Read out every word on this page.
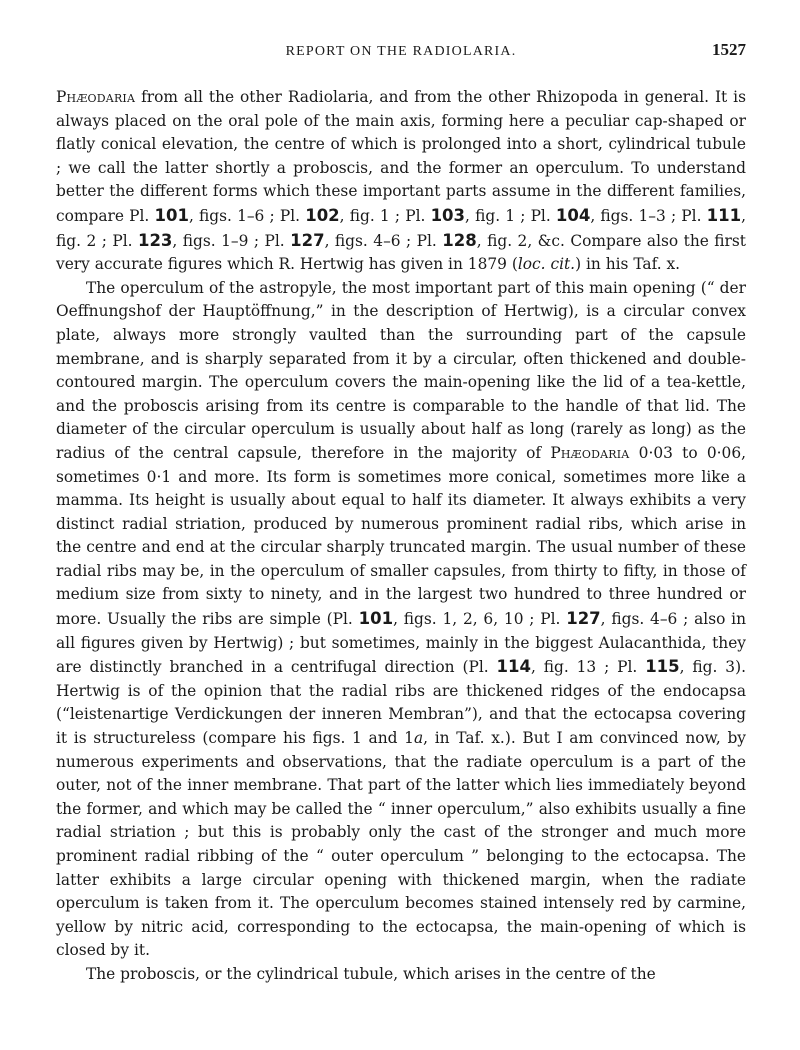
REPORT ON THE RADIOLARIA.	1527

Phæodaria from all the other Radiolaria, and from the other Rhizopoda in general. It is always placed on the oral pole of the main axis, forming here a peculiar cap-shaped or flatly conical elevation, the centre of which is prolonged into a short, cylindrical tubule ; we call the latter shortly a proboscis, and the former an operculum. To understand better the different forms which these important parts assume in the different families, compare Pl. 101, figs. 1–6 ; Pl. 102, fig. 1 ; Pl. 103, fig. 1 ; Pl. 104, figs. 1–3 ; Pl. 111, fig. 2 ; Pl. 123, figs. 1–9 ; Pl. 127, figs. 4–6 ; Pl. 128, fig. 2, &c. Compare also the first very accurate figures which R. Hertwig has given in 1879 (loc. cit.) in his Taf. x.

The operculum of the astropyle, the most important part of this main opening (“ der Oeffnungshof der Hauptöffnung,” in the description of Hertwig), is a circular convex plate, always more strongly vaulted than the surrounding part of the capsule membrane, and is sharply separated from it by a circular, often thickened and double-contoured margin. The operculum covers the main-opening like the lid of a tea-kettle, and the proboscis arising from its centre is comparable to the handle of that lid. The diameter of the circular operculum is usually about half as long (rarely as long) as the radius of the central capsule, therefore in the majority of Phæodaria 0·03 to 0·06, sometimes 0·1 and more. Its form is sometimes more conical, sometimes more like a mamma. Its height is usually about equal to half its diameter. It always exhibits a very distinct radial striation, produced by numerous prominent radial ribs, which arise in the centre and end at the circular sharply truncated margin. The usual number of these radial ribs may be, in the operculum of smaller capsules, from thirty to fifty, in those of medium size from sixty to ninety, and in the largest two hundred to three hundred or more. Usually the ribs are simple (Pl. 101, figs. 1, 2, 6, 10 ; Pl. 127, figs. 4–6 ; also in all figures given by Hertwig) ; but sometimes, mainly in the biggest Aulacanthida, they are distinctly branched in a centrifugal direction (Pl. 114, fig. 13 ; Pl. 115, fig. 3). Hertwig is of the opinion that the radial ribs are thickened ridges of the endocapsa (“leistenartige Verdickungen der inneren Membran”), and that the ectocapsa covering it is structureless (compare his figs. 1 and 1a, in Taf. x.). But I am convinced now, by numerous experiments and observations, that the radiate operculum is a part of the outer, not of the inner membrane. That part of the latter which lies immediately beyond the former, and which may be called the “ inner operculum,” also exhibits usually a fine radial striation ; but this is probably only the cast of the stronger and much more prominent radial ribbing of the “ outer operculum ” belonging to the ectocapsa. The latter exhibits a large circular opening with thickened margin, when the radiate operculum is taken from it. The operculum becomes stained intensely red by carmine, yellow by nitric acid, corresponding to the ectocapsa, the main-opening of which is closed by it.

The proboscis, or the cylindrical tubule, which arises in the centre of the
